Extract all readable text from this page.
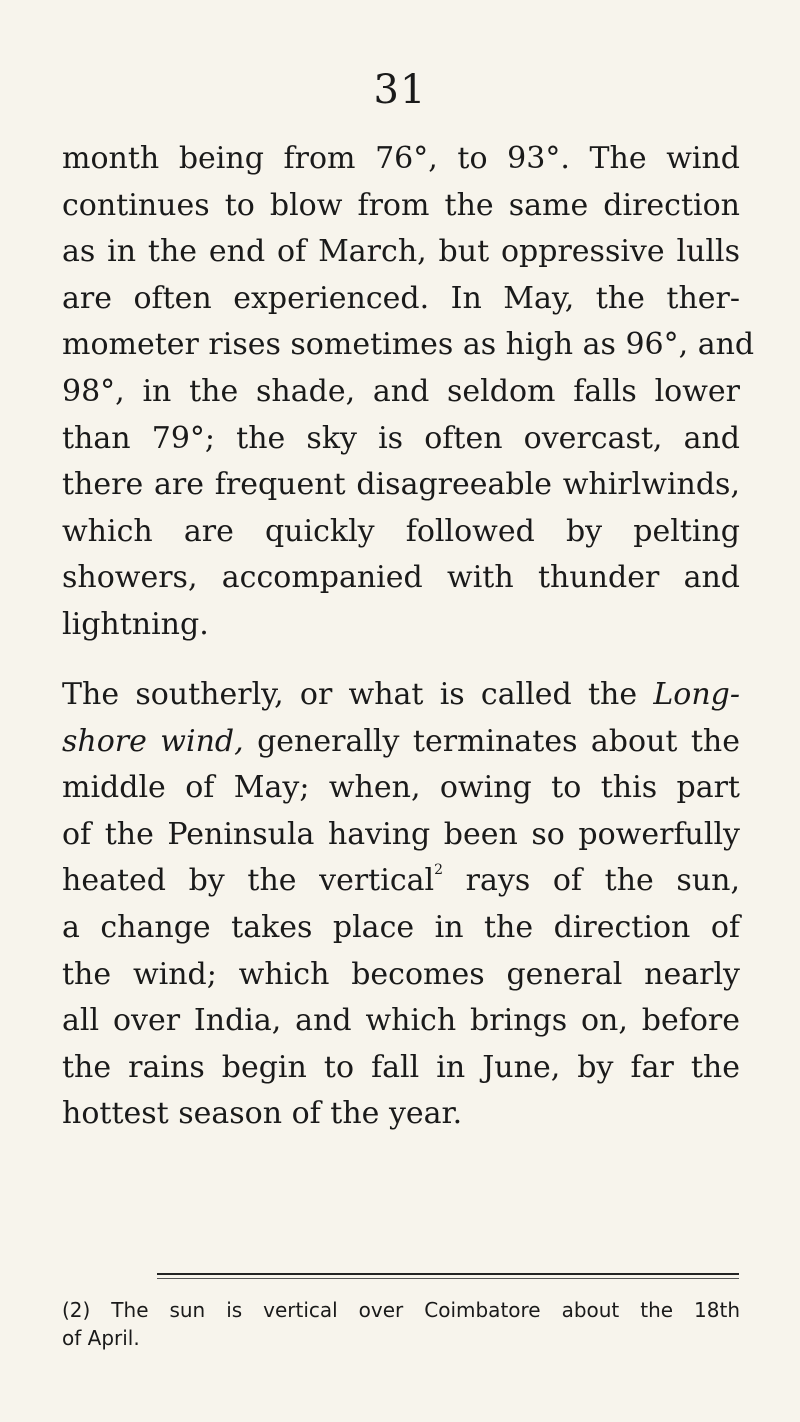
31
month being from 76°, to 93°. The wind
continues to blow from the same direction
as in the end of March, but oppressive lulls
are often experienced. In May, the ther-
mometer rises sometimes as high as 96°, and
98°, in the shade, and seldom falls lower
than 79°; the sky is often overcast, and
there are frequent disagreeable whirlwinds,
which are quickly followed by pelting
showers, accompanied with thunder and
lightning.
The southerly, or what is called the Long-
shore wind, generally terminates about the
middle of May; when, owing to this part
of the Peninsula having been so powerfully
heated by the vertical$^2$ rays of the sun,
a change takes place in the direction of
the wind; which becomes general nearly
all over India, and which brings on, before
the rains begin to fall in June, by far the
hottest season of the year.
(2) The sun is vertical over Coimbatore about the 18th
of April.
